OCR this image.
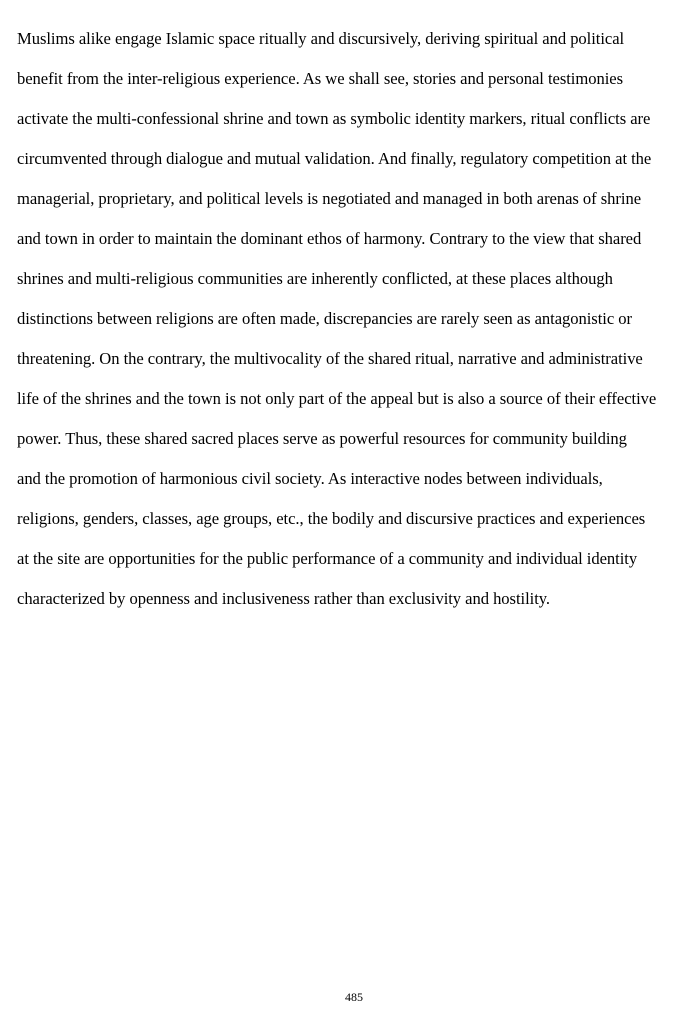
Muslims alike engage Islamic space ritually and discursively, deriving spiritual and political
benefit from the inter-religious experience. As we shall see, stories and personal testimonies
activate the multi-confessional shrine and town as symbolic identity markers, ritual conflicts are
circumvented through dialogue and mutual validation. And finally, regulatory competition at the
managerial, proprietary, and political levels is negotiated and managed in both arenas of shrine
and town in order to maintain the dominant ethos of harmony. Contrary to the view that shared
shrines and multi-religious communities are inherently conflicted, at these places although
distinctions between religions are often made, discrepancies are rarely seen as antagonistic or
threatening. On the contrary, the multivocality of the shared ritual, narrative and administrative
life of the shrines and the town is not only part of the appeal but is also a source of their effective
power. Thus, these shared sacred places serve as powerful resources for community building
and the promotion of harmonious civil society. As interactive nodes between individuals,
religions, genders, classes, age groups, etc., the bodily and discursive practices and experiences
at the site are opportunities for the public performance of a community and individual identity
characterized by openness and inclusiveness rather than exclusivity and hostility.
485
